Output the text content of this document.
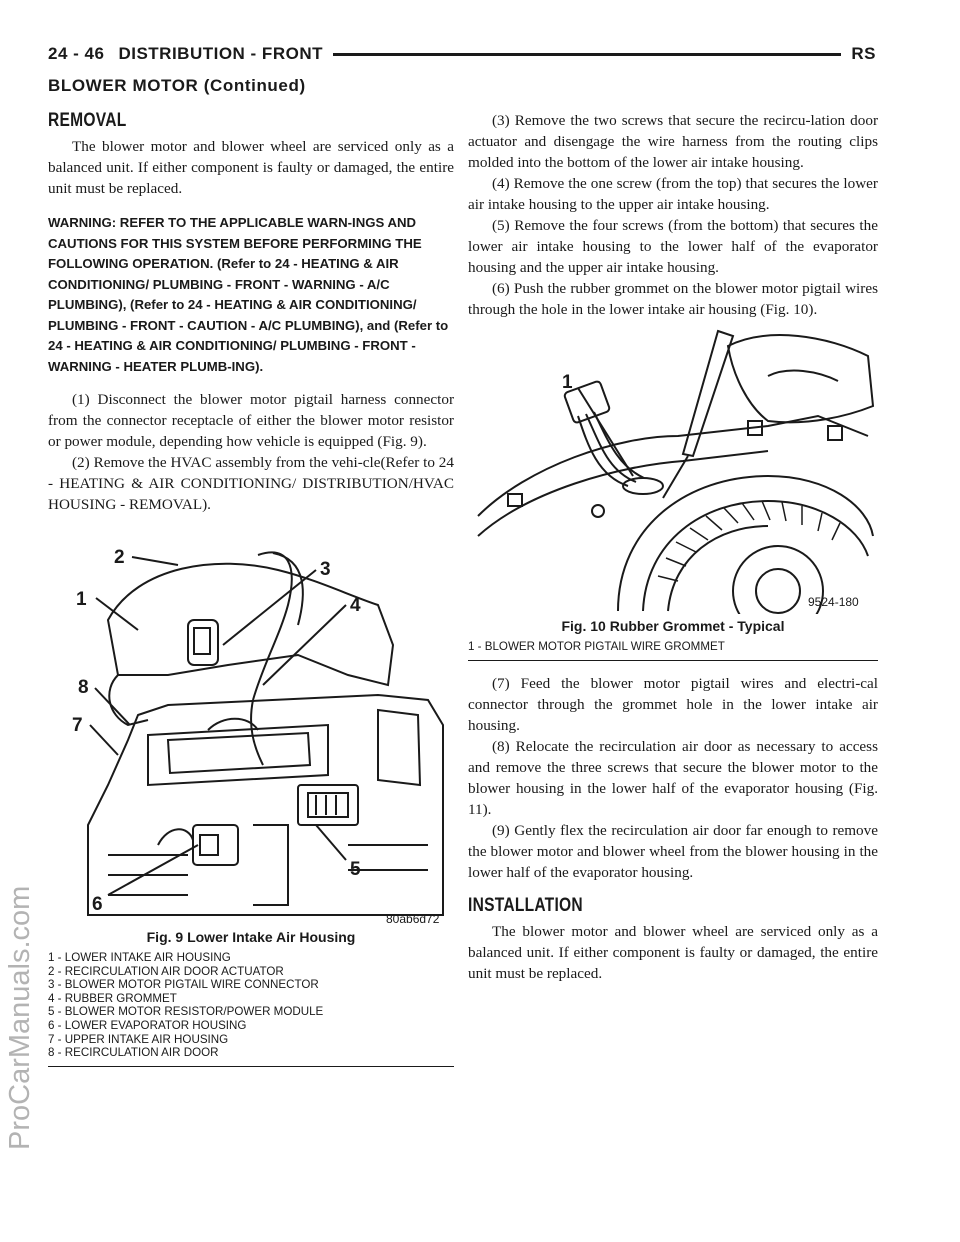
24 - 46 DISTRIBUTION - FRONT	RS
BLOWER MOTOR (Continued)
ProCarManuals.com
REMOVAL

The blower motor and blower wheel are serviced only as a balanced unit. If either component is faulty or damaged, the entire unit must be replaced.

WARNING: REFER TO THE APPLICABLE WARN-INGS AND CAUTIONS FOR THIS SYSTEM BEFORE PERFORMING THE FOLLOWING OPERATION. (Refer to 24 - HEATING & AIR CONDITIONING/ PLUMBING - FRONT - WARNING - A/C PLUMBING), (Refer to 24 - HEATING & AIR CONDITIONING/ PLUMBING - FRONT - CAUTION - A/C PLUMBING), and (Refer to 24 - HEATING & AIR CONDITIONING/ PLUMBING - FRONT - WARNING - HEATER PLUMB-ING).

(1) Disconnect the blower motor pigtail harness connector from the connector receptacle of either the blower motor resistor or power module, depending how vehicle is equipped (Fig. 9).

(2) Remove the HVAC assembly from the vehi-cle(Refer to 24 - HEATING & AIR CONDITIONING/ DISTRIBUTION/HVAC HOUSING - REMOVAL).

2
1
3
4
8
7
5
6
80ab6d72
Fig. 9 Lower Intake Air Housing
1 - LOWER INTAKE AIR HOUSING
2 - RECIRCULATION AIR DOOR ACTUATOR
3 - BLOWER MOTOR PIGTAIL WIRE CONNECTOR
4 - RUBBER GROMMET
5 - BLOWER MOTOR RESISTOR/POWER MODULE
6 - LOWER EVAPORATOR HOUSING
7 - UPPER INTAKE AIR HOUSING
8 - RECIRCULATION AIR DOOR

(3) Remove the two screws that secure the recircu-lation door actuator and disengage the wire harness from the routing clips molded into the bottom of the lower air intake housing.

(4) Remove the one screw (from the top) that secures the lower air intake housing to the upper air intake housing.

(5) Remove the four screws (from the bottom) that secures the lower air intake housing to the lower half of the evaporator housing and the upper air intake housing.

(6) Push the rubber grommet on the blower motor pigtail wires through the hole in the lower intake air housing (Fig. 10).

1
9524-180
Fig. 10 Rubber Grommet - Typical
1 - BLOWER MOTOR PIGTAIL WIRE GROMMET

(7) Feed the blower motor pigtail wires and electri-cal connector through the grommet hole in the lower intake air housing.

(8) Relocate the recirculation air door as necessary to access and remove the three screws that secure the blower motor to the blower housing in the lower half of the evaporator housing (Fig. 11).

(9) Gently flex the recirculation air door far enough to remove the blower motor and blower wheel from the blower housing in the lower half of the evaporator housing.

INSTALLATION

The blower motor and blower wheel are serviced only as a balanced unit. If either component is faulty or damaged, the entire unit must be replaced.
